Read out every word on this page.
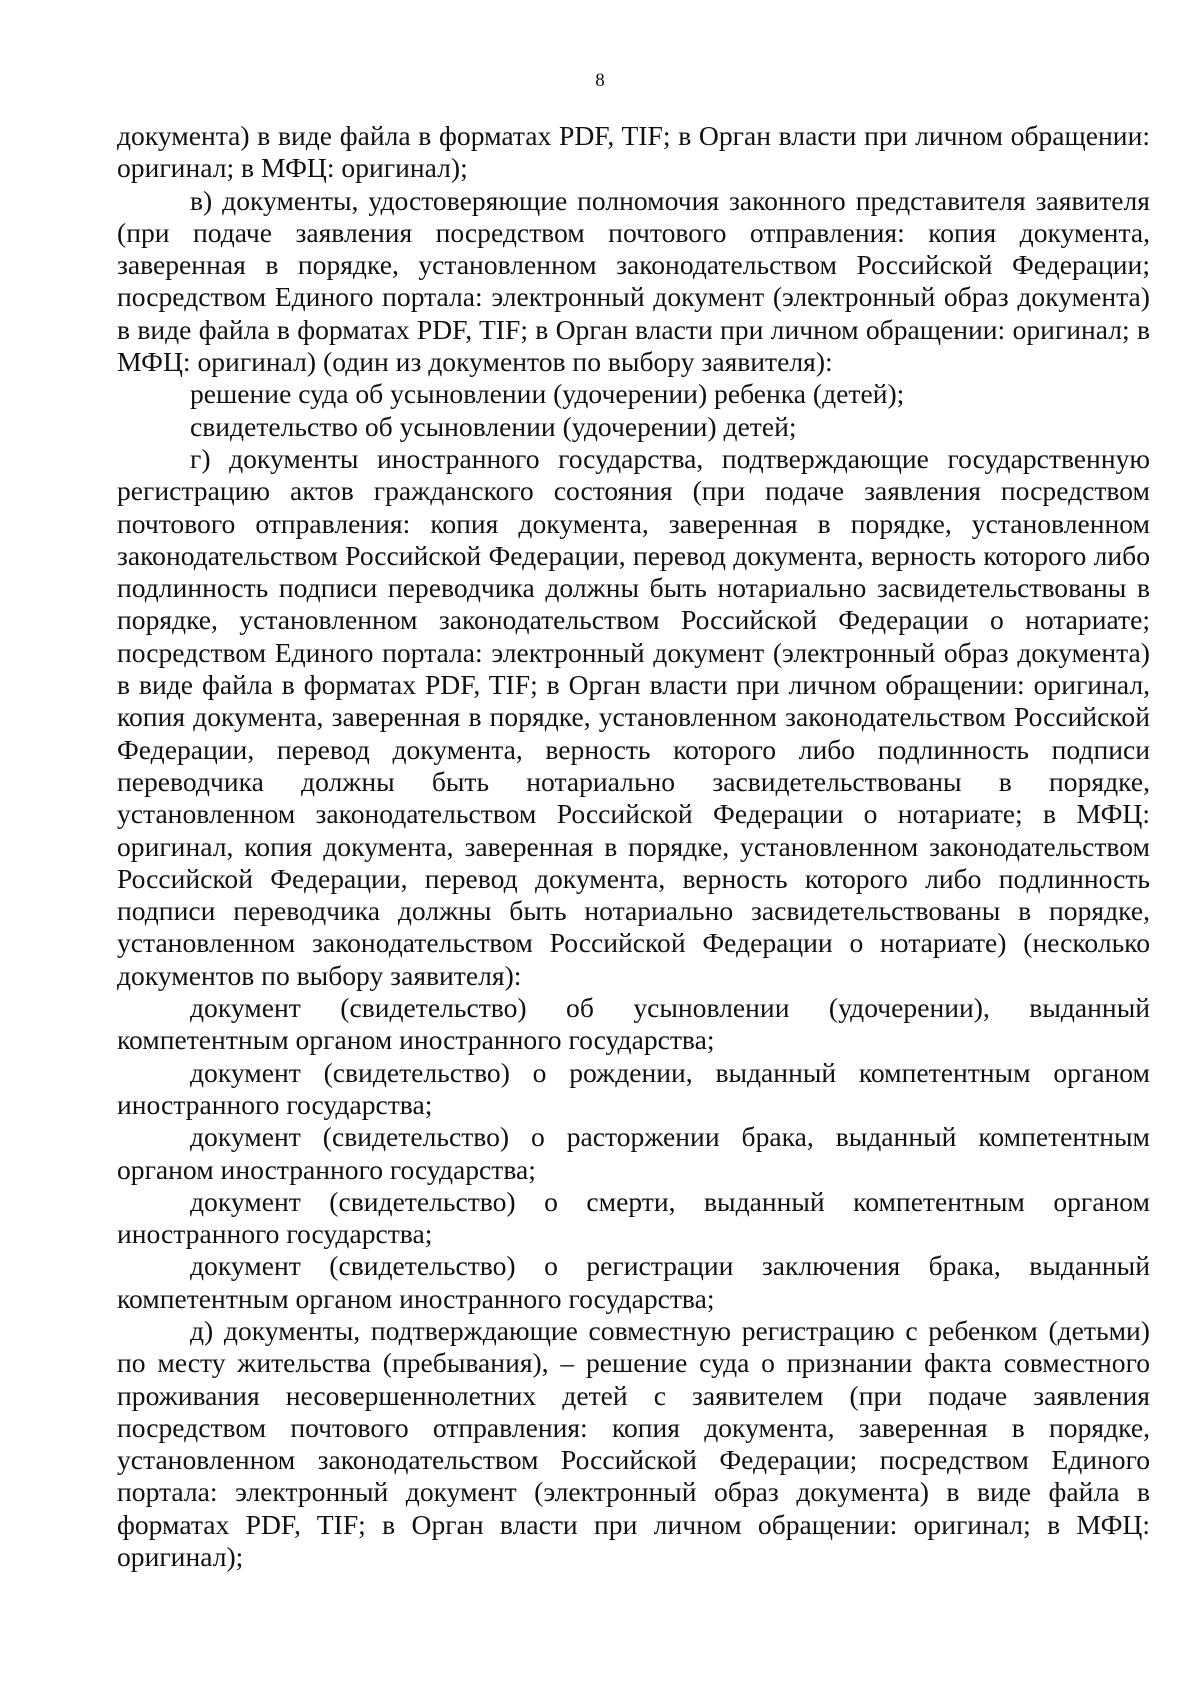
8

документа) в виде файла в форматах PDF, TIF; в Орган власти при личном обращении: оригинал; в МФЦ: оригинал);

в) документы, удостоверяющие полномочия законного представителя заявителя (при подаче заявления посредством почтового отправления: копия документа, заверенная в порядке, установленном законодательством Российской Федерации; посредством Единого портала: электронный документ (электронный образ документа) в виде файла в форматах PDF, TIF; в Орган власти при личном обращении: оригинал; в МФЦ: оригинал) (один из документов по выбору заявителя):

решение суда об усыновлении (удочерении) ребенка (детей);

свидетельство об усыновлении (удочерении) детей;

г) документы иностранного государства, подтверждающие государственную регистрацию актов гражданского состояния (при подаче заявления посредством почтового отправления: копия документа, заверенная в порядке, установленном законодательством Российской Федерации, перевод документа, верность которого либо подлинность подписи переводчика должны быть нотариально засвидетельствованы в порядке, установленном законодательством Российской Федерации о нотариате; посредством Единого портала: электронный документ (электронный образ документа) в виде файла в форматах PDF, TIF; в Орган власти при личном обращении: оригинал, копия документа, заверенная в порядке, установленном законодательством Российской Федерации, перевод документа, верность которого либо подлинность подписи переводчика должны быть нотариально засвидетельствованы в порядке, установленном законодательством Российской Федерации о нотариате; в МФЦ: оригинал, копия документа, заверенная в порядке, установленном законодательством Российской Федерации, перевод документа, верность которого либо подлинность подписи переводчика должны быть нотариально засвидетельствованы в порядке, установленном законодательством Российской Федерации о нотариате) (несколько документов по выбору заявителя):

документ (свидетельство) об усыновлении (удочерении), выданный компетентным органом иностранного государства;

документ (свидетельство) о рождении, выданный компетентным органом иностранного государства;

документ (свидетельство) о расторжении брака, выданный компетентным органом иностранного государства;

документ (свидетельство) о смерти, выданный компетентным органом иностранного государства;

документ (свидетельство) о регистрации заключения брака, выданный компетентным органом иностранного государства;

д) документы, подтверждающие совместную регистрацию с ребенком (детьми) по месту жительства (пребывания), – решение суда о признании факта совместного проживания несовершеннолетних детей с заявителем (при подаче заявления посредством почтового отправления: копия документа, заверенная в порядке, установленном законодательством Российской Федерации; посредством Единого портала: электронный документ (электронный образ документа) в виде файла в форматах PDF, TIF; в Орган власти при личном обращении: оригинал; в МФЦ: оригинал);
